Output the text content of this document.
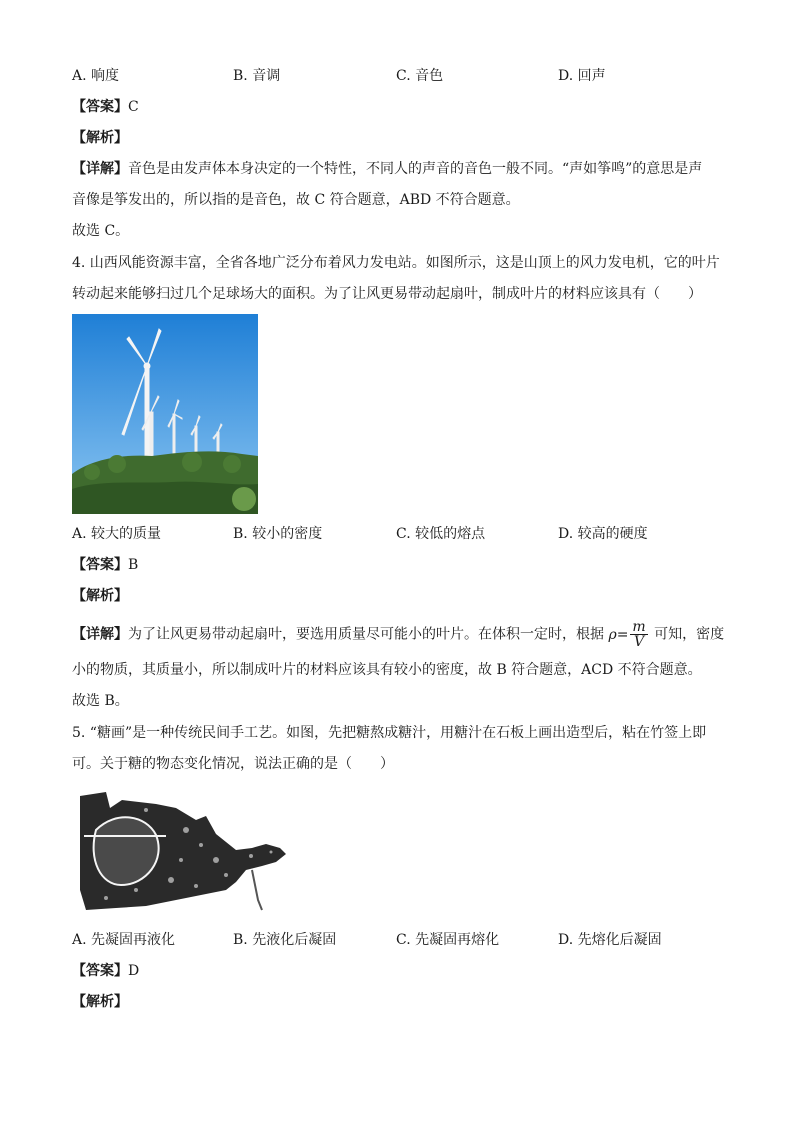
A. 响度	B. 音调	C. 音色	D. 回声
【答案】C
【解析】
【详解】音色是由发声体本身决定的一个特性，不同人的声音的音色一般不同。“声如筝鸣”的意思是声
音像是筝发出的，所以指的是音色，故 C 符合题意，ABD 不符合题意。
故选 C。
4. 山西风能资源丰富，全省各地广泛分布着风力发电站。如图所示，这是山顶上的风力发电机，它的叶片
转动起来能够扫过几个足球场大的面积。为了让风更易带动起扇叶，制成叶片的材料应该具有（　　）
A. 较大的质量	B. 较小的密度	C. 较低的熔点	D. 较高的硬度
【答案】B
【解析】
【详解】为了让风更易带动起扇叶，要选用质量尽可能小的叶片。在体积一定时，根据 $\rho= \frac{m}{V}$ 可知，密度
小的物质，其质量小，所以制成叶片的材料应该具有较小的密度，故 B 符合题意，ACD 不符合题意。
故选 B。
5. “糖画”是一种传统民间手工艺。如图，先把糖熬成糖汁，用糖汁在石板上画出造型后，粘在竹签上即
可。关于糖的物态变化情况，说法正确的是（　　）
A. 先凝固再液化	B. 先液化后凝固	C. 先凝固再熔化	D. 先熔化后凝固
【答案】D
【解析】
